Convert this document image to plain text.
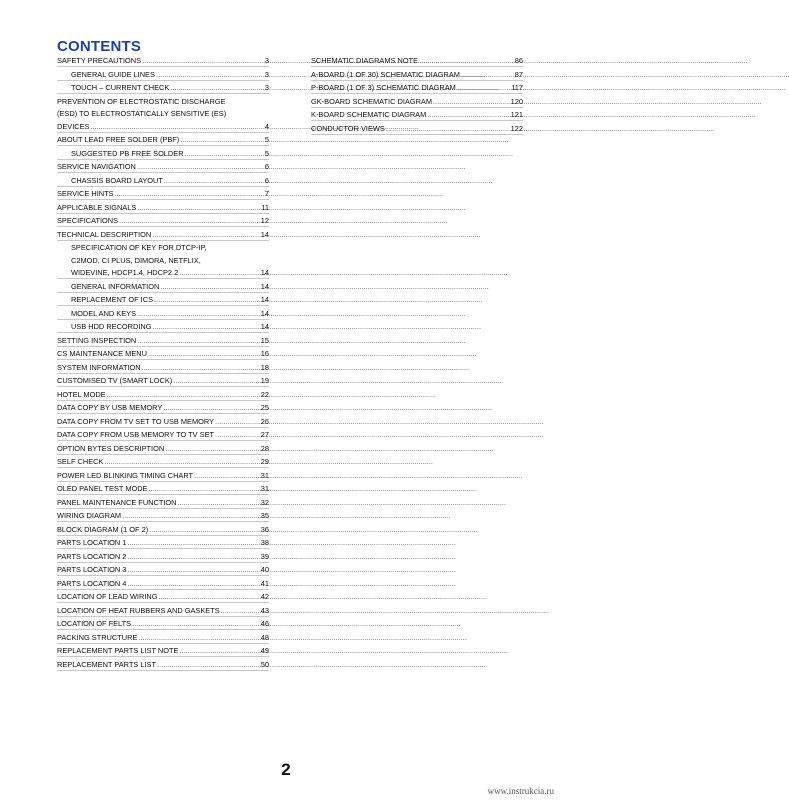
CONTENTS
SAFETY PRECAUTIONS .....	3
GENERAL GUIDE LINES .....	3
TOUCH – CURRENT CHECK .....	3
PREVENTION OF ELECTROSTATIC DISCHARGE
(ESD) TO ELECTROSTATICALLY SENSITIVE (ES)
DEVICES .....	4
ABOUT LEAD FREE SOLDER (PBF) .....	5
SUGGESTED PB FREE SOLDER .....	5
SERVICE NAVIGATION .....	6
CHASSIS BOARD LAYOUT .....	6
SERVICE HINTS .....	7
APPLICABLE SIGNALS .....	11
SPECIFICATIONS .....	12
TECHNICAL DESCRIPTION .....	14
SPECIFICATION OF KEY FOR DTCP-IP,
C2MOD, CI PLUS, DIMORA, NETFLIX,
WIDEVINE, HDCP1.4, HDCP2.2 .....	14
GENERAL INFORMATION .....	14
REPLACEMENT OF ICS .....	14
MODEL AND KEYS .....	14
USB HDD RECORDING .....	14
SETTING INSPECTION .....	15
CS MAINTENANCE MENU .....	16
SYSTEM INFORMATION .....	18
CUSTOMISED TV (SMART LOCK) .....	19
HOTEL MODE .....	22
DATA COPY BY USB MEMORY .....	25
DATA COPY FROM TV SET TO USB MEMORY .....	26
DATA COPY FROM USB MEMORY TO TV SET .....	27
OPTION BYTES DESCRIPTION .....	28
SELF CHECK .....	29
POWER LED BLINKING TIMING CHART .....	31
OLED PANEL TEST MODE .....	31
PANEL MAINTENANCE FUNCTION .....	32
WIRING DIAGRAM .....	35
BLOCK DIAGRAM (1 OF 2) .....	36
PARTS LOCATION 1 .....	38
PARTS LOCATION 2 .....	39
PARTS LOCATION 3 .....	40
PARTS LOCATION 4 .....	41
LOCATION OF LEAD WIRING .....	42
LOCATION OF HEAT RUBBERS AND GASKETS .....	43
LOCATION OF FELTS .....	46
PACKING STRUCTURE .....	48
REPLACEMENT PARTS LIST NOTE .....	49
REPLACEMENT PARTS LIST .....	50
SCHEMATIC DIAGRAMS NOTE .....	86
A-BOARD (1 OF 30) SCHEMATIC DIAGRAM .....	87
P-BOARD (1 OF 3) SCHEMATIC DIAGRAM .....	117
GK-BOARD SCHEMATIC DIAGRAM .....	120
K-BOARD SCHEMATIC DIAGRAM .....	121
CONDUCTOR VIEWS .....	122
2
www.instrukcia.ru
